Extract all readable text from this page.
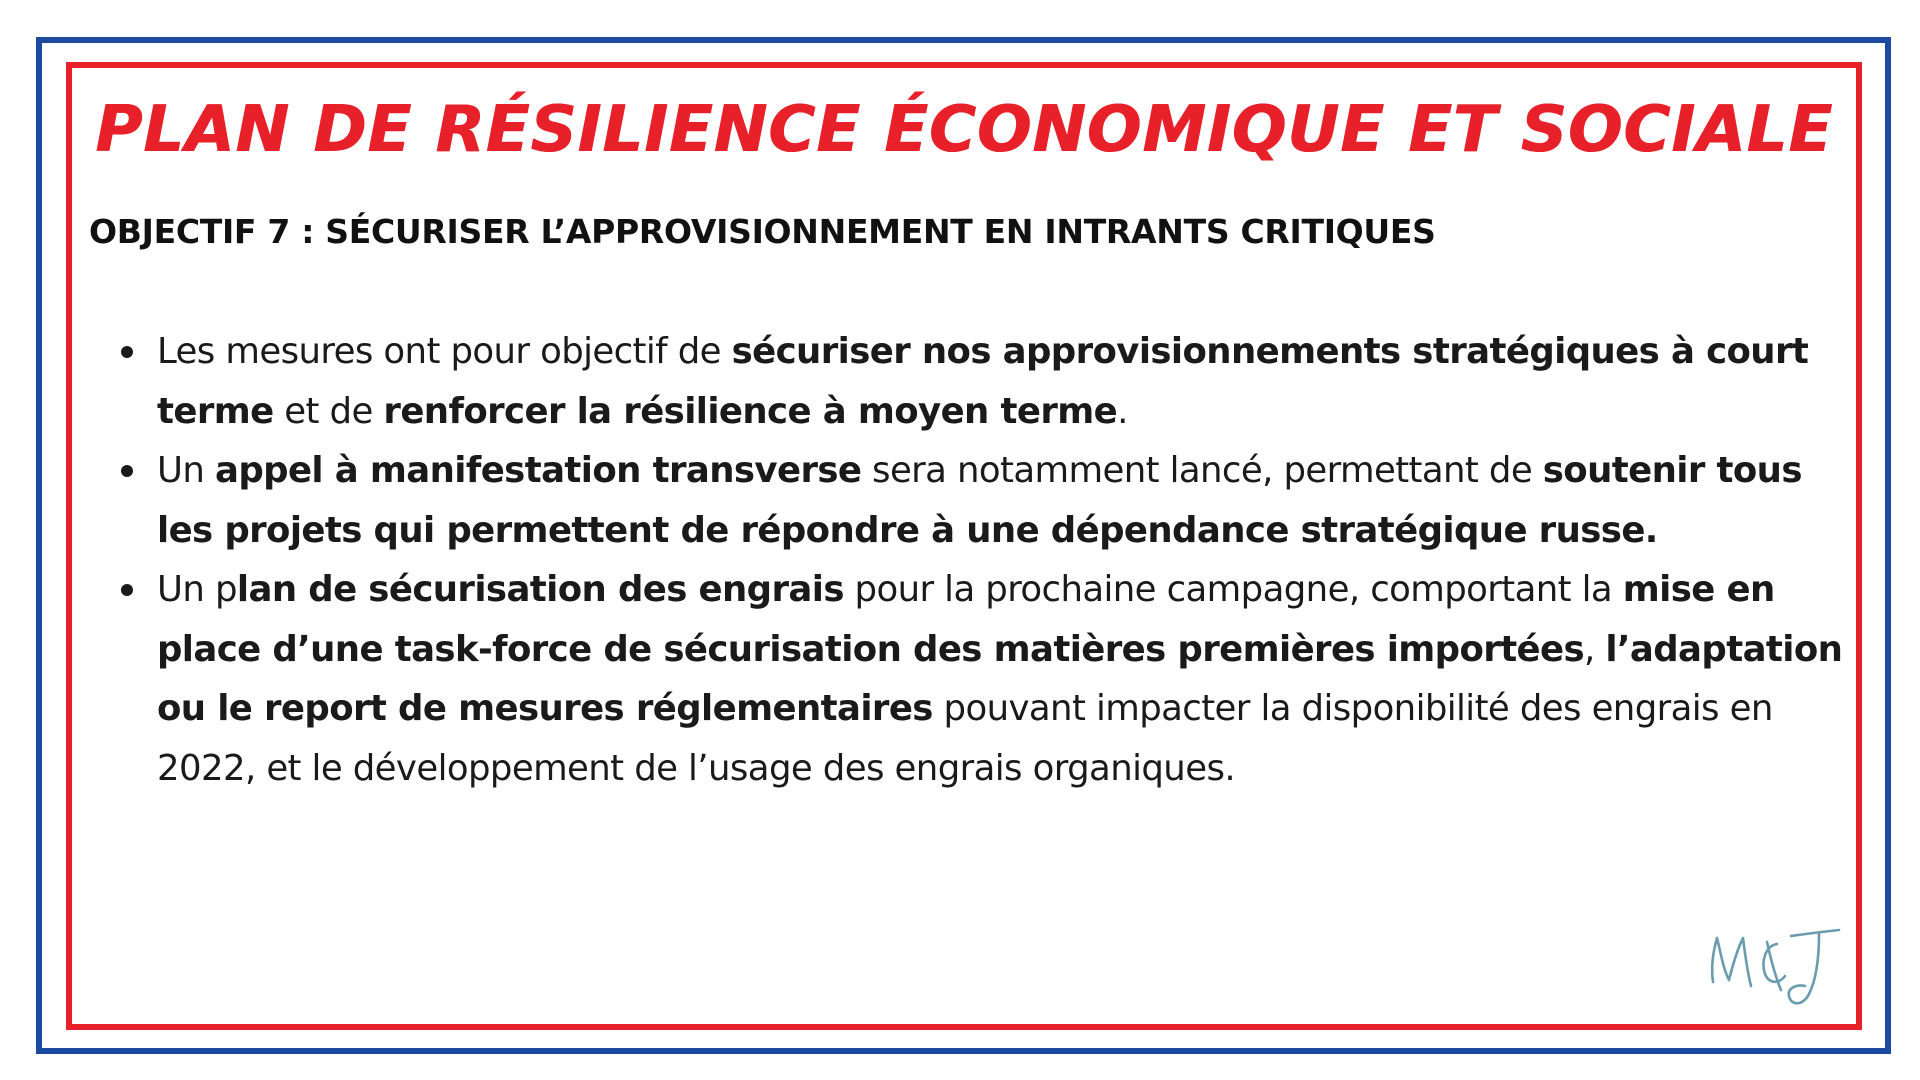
PLAN DE RÉSILIENCE ÉCONOMIQUE ET SOCIALE
OBJECTIF 7 : SÉCURISER L’APPROVISIONNEMENT EN INTRANTS CRITIQUES
Les mesures ont pour objectif de sécuriser nos approvisionnements stratégiques à court terme et de renforcer la résilience à moyen terme.
Un appel à manifestation transverse sera notamment lancé, permettant de soutenir tous les projets qui permettent de répondre à une dépendance stratégique russe.
Un plan de sécurisation des engrais pour la prochaine campagne, comportant la mise en place d’une task-force de sécurisation des matières premières importées, l’adaptation ou le report de mesures réglementaires pouvant impacter la disponibilité des engrais en 2022, et le développement de l’usage des engrais organiques.
